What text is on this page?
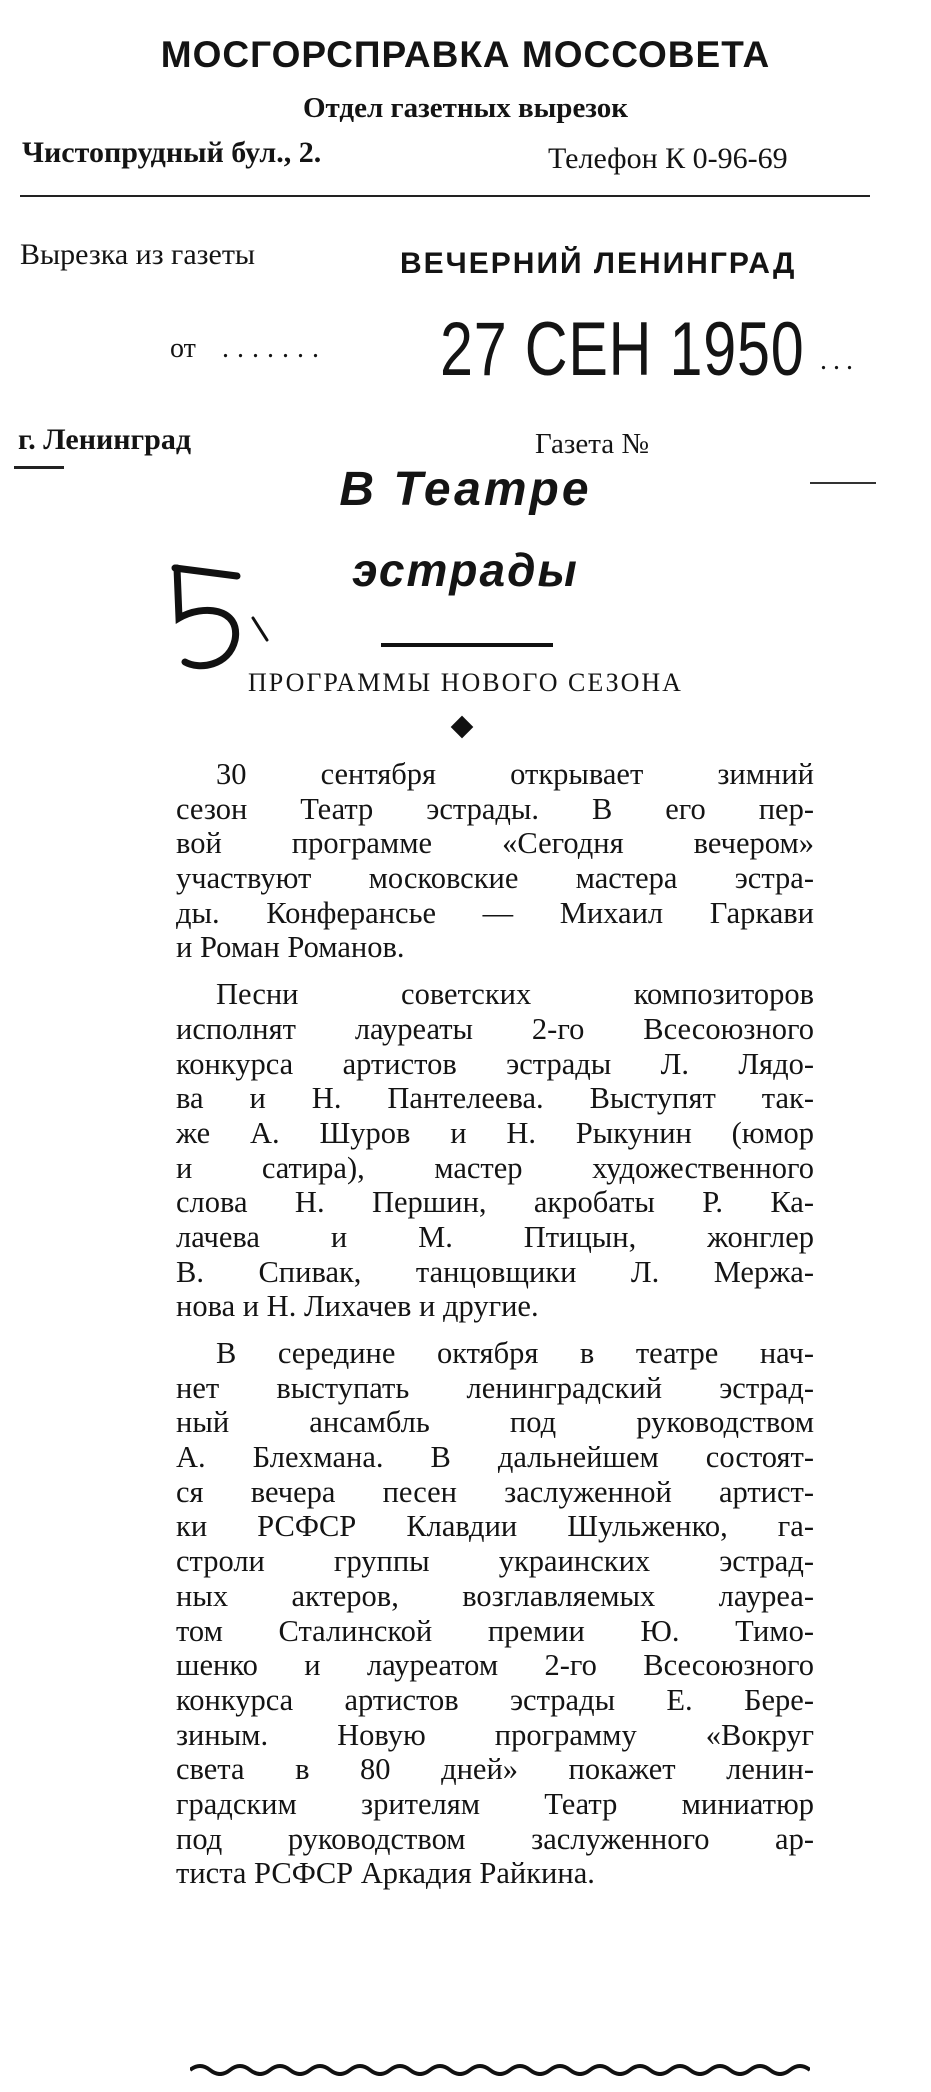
МОСГОРСПРАВКА МОССОВЕТА
Отдел газетных вырезок
Чистопрудный бул., 2.	Телефон К 0-96-69
Вырезка из газеты	ВЕЧЕРНИЙ ЛЕНИНГРАД
от ....... 27 СЕН 1950 ...
г. Ленинград	Газета №
В Театре
эстрады
ПРОГРАММЫ НОВОГО СЕЗОНА
30 сентября открывает зимний
сезон Театр эстрады. В его пер-
вой программе «Сегодня вечером»
участвуют московские мастера эстра-
ды. Конферансье — Михаил Гаркави
и Роман Романов.
Песни советских композиторов
исполнят лауреаты 2-го Всесоюзного
конкурса артистов эстрады Л. Лядо-
ва и Н. Пантелеева. Выступят так-
же А. Шуров и Н. Рыкунин (юмор
и сатира), мастер художественного
слова Н. Першин, акробаты Р. Ка-
лачева и М. Птицын, жонглер
В. Спивак, танцовщики Л. Мержа-
нова и Н. Лихачев и другие.
В середине октября в театре нач-
нет выступать ленинградский эстрад-
ный ансамбль под руководством
А. Блехмана. В дальнейшем состоят-
ся вечера песен заслуженной артист-
ки РСФСР Клавдии Шульженко, га-
строли группы украинских эстрад-
ных актеров, возглавляемых лауреа-
том Сталинской премии Ю. Тимо-
шенко и лауреатом 2-го Всесоюзного
конкурса артистов эстрады Е. Бере-
зиным. Новую программу «Вокруг
света в 80 дней» покажет ленин-
градским зрителям Театр миниатюр
под руководством заслуженного ар-
тиста РСФСР Аркадия Райкина.
